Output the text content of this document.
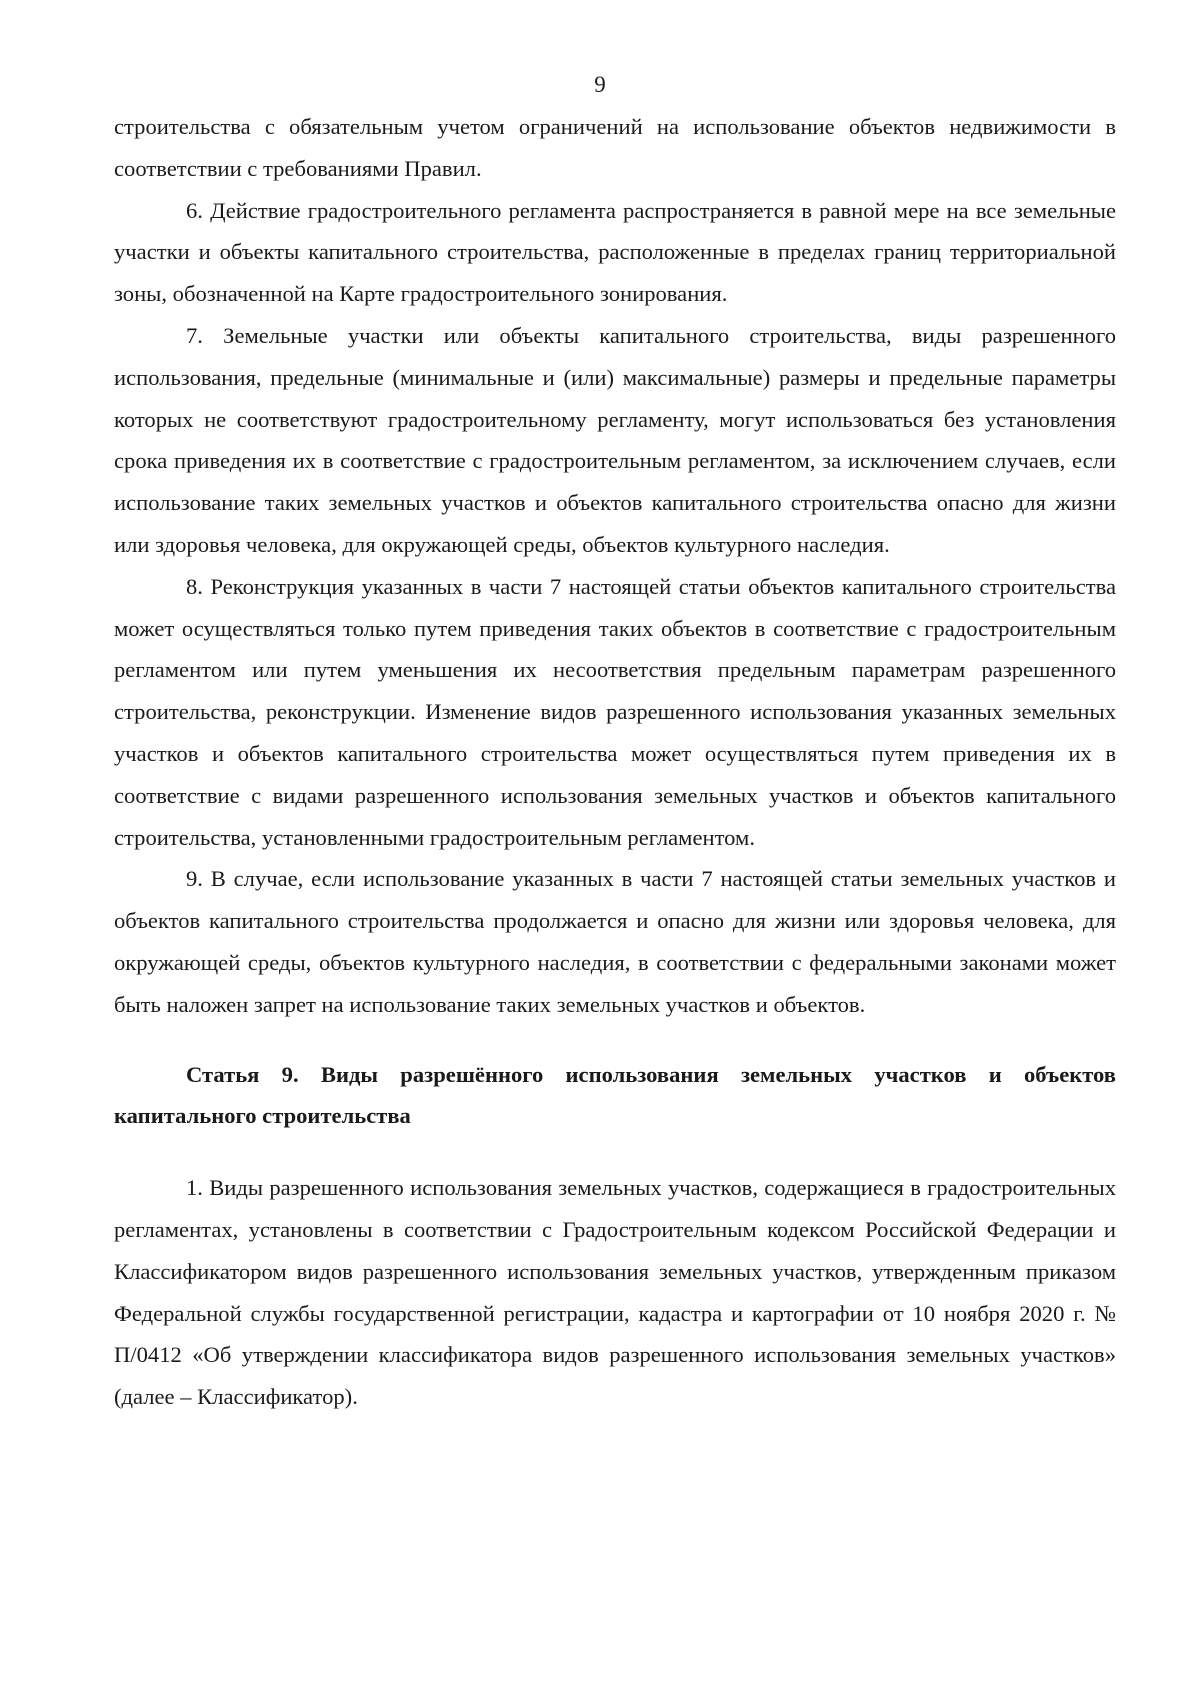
9

строительства с обязательным учетом ограничений на использование объектов недвижимости в соответствии с требованиями Правил.

6. Действие градостроительного регламента распространяется в равной мере на все земельные участки и объекты капитального строительства, расположенные в пределах границ территориальной зоны, обозначенной на Карте градостроительного зонирования.

7. Земельные участки или объекты капитального строительства, виды разрешенного использования, предельные (минимальные и (или) максимальные) размеры и предельные параметры которых не соответствуют градостроительному регламенту, могут использоваться без установления срока приведения их в соответствие с градостроительным регламентом, за исключением случаев, если использование таких земельных участков и объектов капитального строительства опасно для жизни или здоровья человека, для окружающей среды, объектов культурного наследия.

8. Реконструкция указанных в части 7 настоящей статьи объектов капитального строительства может осуществляться только путем приведения таких объектов в соответствие с градостроительным регламентом или путем уменьшения их несоответствия предельным параметрам разрешенного строительства, реконструкции. Изменение видов разрешенного использования указанных земельных участков и объектов капитального строительства может осуществляться путем приведения их в соответствие с видами разрешенного использования земельных участков и объектов капитального строительства, установленными градостроительным регламентом.

9. В случае, если использование указанных в части 7 настоящей статьи земельных участков и объектов капитального строительства продолжается и опасно для жизни или здоровья человека, для окружающей среды, объектов культурного наследия, в соответствии с федеральными законами может быть наложен запрет на использование таких земельных участков и объектов.

Статья 9. Виды разрешённого использования земельных участков и объектов капитального строительства

1. Виды разрешенного использования земельных участков, содержащиеся в градостроительных регламентах, установлены в соответствии с Градостроительным кодексом Российской Федерации и Классификатором видов разрешенного использования земельных участков, утвержденным приказом Федеральной службы государственной регистрации, кадастра и картографии от 10 ноября 2020 г. № П/0412 «Об утверждении классификатора видов разрешенного использования земельных участков» (далее – Классификатор).
